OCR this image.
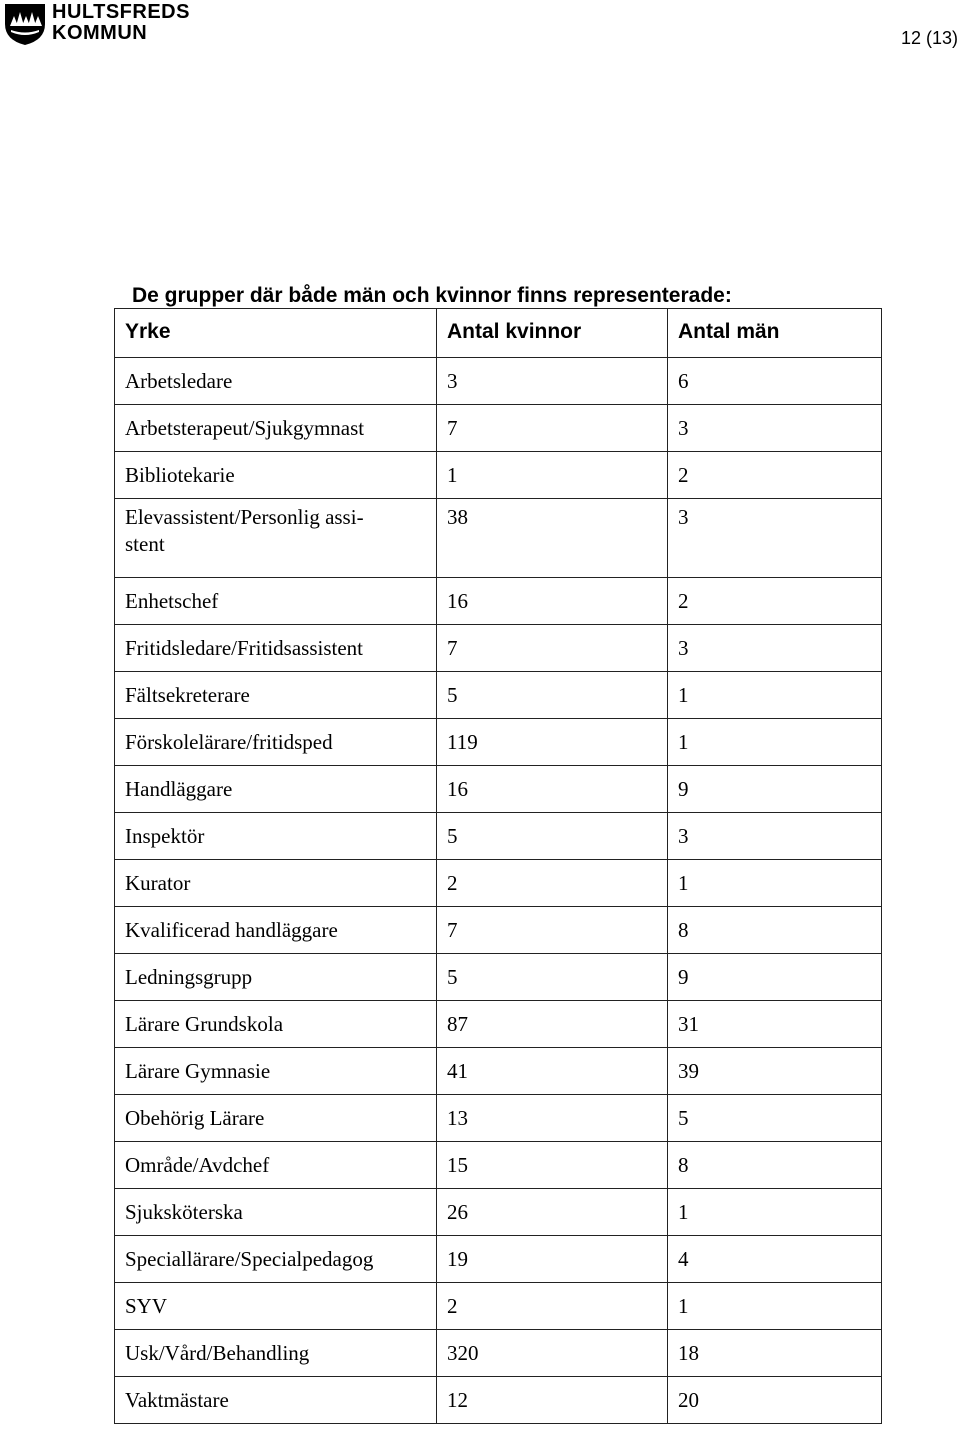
HULTSFREDS
KOMMUN	12 (13)
De grupper där både män och kvinnor finns representerade:
Yrke	Antal kvinnor	Antal män
Arbetsledare	3	6
Arbetsterapeut/Sjukgymnast	7	3
Bibliotekarie	1	2
Elevassistent/Personlig assi-stent	38	3
Enhetschef	16	2
Fritidsledare/Fritidsassistent	7	3
Fältsekreterare	5	1
Förskolelärare/fritidsped	119	1
Handläggare	16	9
Inspektör	5	3
Kurator	2	1
Kvalificerad handläggare	7	8
Ledningsgrupp	5	9
Lärare Grundskola	87	31
Lärare Gymnasie	41	39
Obehörig Lärare	13	5
Område/Avdchef	15	8
Sjuksköterska	26	1
Speciallärare/Specialpedagog	19	4
SYV	2	1
Usk/Vård/Behandling	320	18
Vaktmästare	12	20
